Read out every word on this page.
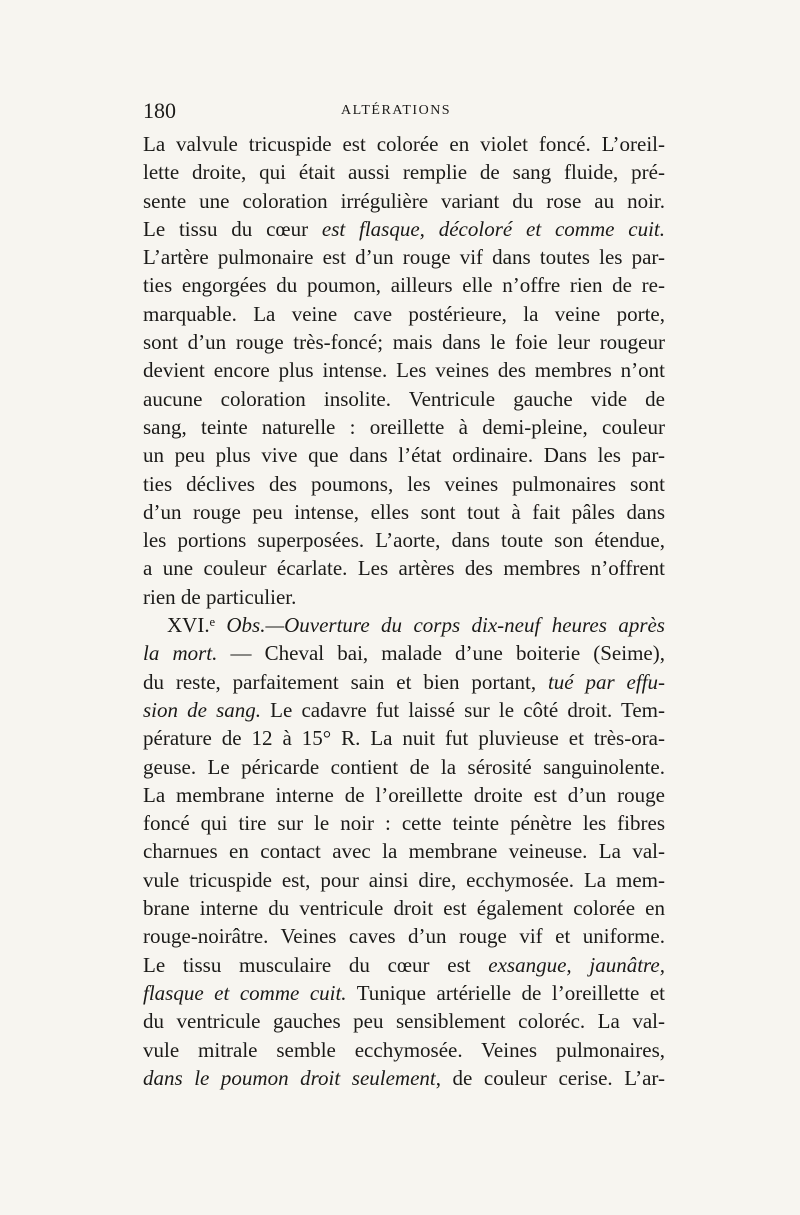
180	ALTÉRATIONS
La valvule tricuspide est colorée en violet foncé. L’oreil-
lette droite, qui était aussi remplie de sang fluide, pré-
sente une coloration irrégulière variant du rose au noir.
Le tissu du cœur est flasque, décoloré et comme cuit.
L’artère pulmonaire est d’un rouge vif dans toutes les par-
ties engorgées du poumon, ailleurs elle n’offre rien de re-
marquable. La veine cave postérieure, la veine porte,
sont d’un rouge très-foncé; mais dans le foie leur rougeur
devient encore plus intense. Les veines des membres n’ont
aucune coloration insolite. Ventricule gauche vide de
sang, teinte naturelle : oreillette à demi-pleine, couleur
un peu plus vive que dans l’état ordinaire. Dans les par-
ties déclives des poumons, les veines pulmonaires sont
d’un rouge peu intense, elles sont tout à fait pâles dans
les portions superposées. L’aorte, dans toute son étendue,
a une couleur écarlate. Les artères des membres n’offrent
rien de particulier.
XVI.ᵉ Obs.—Ouverture du corps dix-neuf heures après
la mort. — Cheval bai, malade d’une boiterie (Seime),
du reste, parfaitement sain et bien portant, tué par effu-
sion de sang. Le cadavre fut laissé sur le côté droit. Tem-
pérature de 12 à 15° R. La nuit fut pluvieuse et très-ora-
geuse. Le péricarde contient de la sérosité sanguinolente.
La membrane interne de l’oreillette droite est d’un rouge
foncé qui tire sur le noir : cette teinte pénètre les fibres
charnues en contact avec la membrane veineuse. La val-
vule tricuspide est, pour ainsi dire, ecchymosée. La mem-
brane interne du ventricule droit est également colorée en
rouge-noirâtre. Veines caves d’un rouge vif et uniforme.
Le tissu musculaire du cœur est exsangue, jaunâtre,
flasque et comme cuit. Tunique artérielle de l’oreillette et
du ventricule gauches peu sensiblement coloréc. La val-
vule mitrale semble ecchymosée. Veines pulmonaires,
dans le poumon droit seulement, de couleur cerise. L’ar-
